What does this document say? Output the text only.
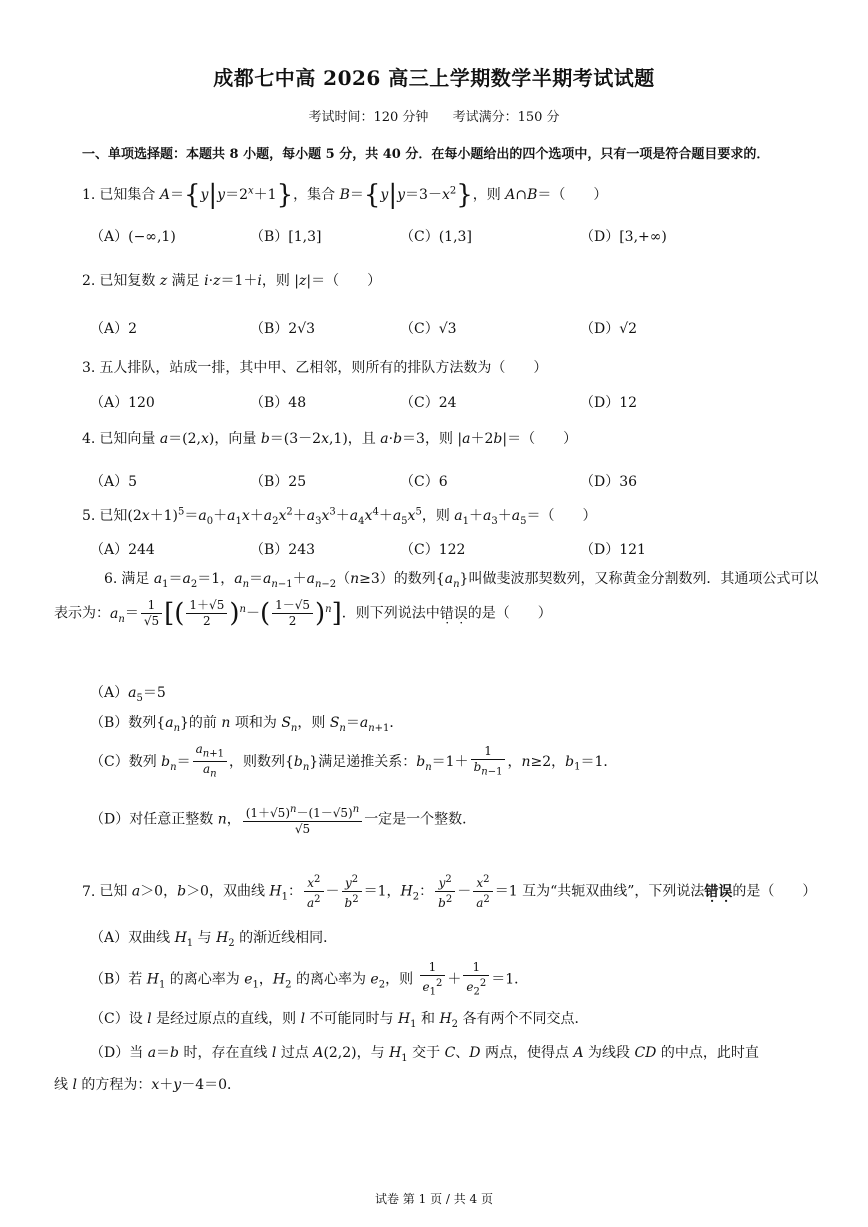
成都七中高 2026 高三上学期数学半期考试试题
考试时间：120 分钟 考试满分：150 分
一、单项选择题：本题共 8 小题，每小题 5 分，共 40 分．在每小题给出的四个选项中，只有一项是符合题目要求的．
1. 已知集合 $A=\{y|y=2^x+1\}$，集合 $B=\{y|y=3-x^2\}$，则 A∩B＝（　　）
（A）(−∞,1)	（B）[1,3]	（C）(1,3]	（D）[3,+∞)
2. 已知复数 z 满足 i·z＝1＋i，则 |z|＝（　　）
（A）2	（B）2√3	（C）√3	（D）√2
3. 五人排队，站成一排，其中甲、乙相邻，则所有的排队方法数为（　　）
（A）120	（B）48	（C）24	（D）12
4. 已知向量 a＝(2,x)，向量 b＝(3－2x,1)，且 a·b＝3，则 |a＋2b|＝（　　）
（A）5	（B）25	（C）6	（D）36
5. 已知$(2x+1)^5=a_0+a_1x+a_2x^2+a_3x^3+a_4x^4+a_5x^5$，则 $a_1+a_3+a_5=$（　　）
（A）244	（B）243	（C）122	（D）121
6. 满足 $a_1=a_2=1$，$a_n=a_{n-1}+a_{n-2}(n\ge 3)$的数列$\{a_n\}$叫做斐波那契数列，又称黄金分割数列．其通项公式可以
表示为：$a_n= \frac{1}{√5}$ [( $\frac{1+√5}{2} )^n-( \frac{1-√5}{2} )^n$]．则下列说法中错误的是（　　）
$(A)a_5=5$
（B）数列$\{a_n\}$的前 n 项和为 $S_n$，则 $S_n=a_{n+1}$．
（C）数列 $b_n= \frac{a_{n+1}}{a_n}$ ，则数列$\{b_n\}$满足递推关系：$b_n=1+ \frac{1}{b_{n-1}}$ ，n≥2，$b_1=1$．
（D）对任意正整数 n， $\frac{(1+√5)^n-(1-√5)^n}{√5}$ 一定是一个整数．
7. 已知 a＞0，b＞0，双曲线 $H_1$： $\frac{x^2}{a^2} - \frac{y^2}{b^2} =1$，$H_2$： $\frac{y^2}{b^2} - \frac{x^2}{a^2} =1$ 互为“共轭双曲线”，下列说法错误的是（　　）
（A）双曲线 $H_1$ 与 $H_2$ 的渐近线相同．
（B）若 $H_1$ 的离心率为 $e_1$，$H_2$ 的离心率为 $e_2$，则 $\frac{1}{e_1^2} + \frac{1}{e_2^2} =1$．
（C）设 l 是经过原点的直线，则 l 不可能同时与 $H_1$ 和 $H_2$ 各有两个不同交点．
（D）当 a＝b 时，存在直线 l 过点 A(2,2)，与 $H_1$ 交于 C、D 两点，使得点 A 为线段 CD 的中点，此时直
线 l 的方程为：x＋y－4＝0．
试卷 第 1 页 / 共 4 页
